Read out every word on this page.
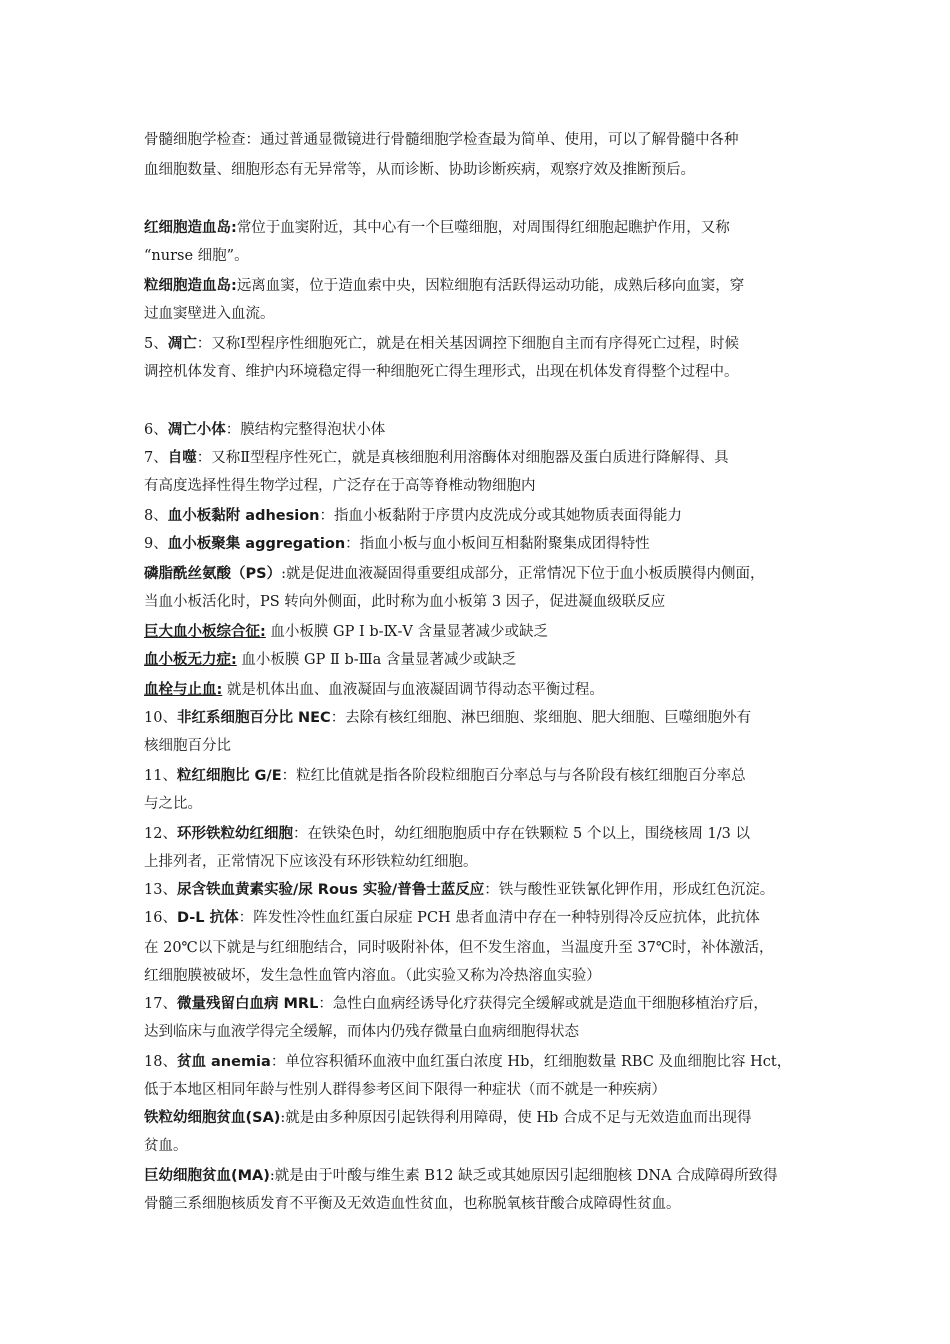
骨髓细胞学检查：通过普通显微镜进行骨髓细胞学检查最为简单、使用，可以了解骨髓中各种
血细胞数量、细胞形态有无异常等，从而诊断、协助诊断疾病，观察疗效及推断预后。
红细胞造血岛:常位于血窦附近，其中心有一个巨噬细胞，对周围得红细胞起瞧护作用，又称
“nurse 细胞”。
粒细胞造血岛:远离血窦，位于造血索中央，因粒细胞有活跃得运动功能，成熟后移向血窦，穿
过血窦壁进入血流。
5、凋亡：又称Ⅰ型程序性细胞死亡，就是在相关基因调控下细胞自主而有序得死亡过程，时候
调控机体发育、维护内环境稳定得一种细胞死亡得生理形式，出现在机体发育得整个过程中。
6、凋亡小体：膜结构完整得泡状小体
7、自噬：又称Ⅱ型程序性死亡，就是真核细胞利用溶酶体对细胞器及蛋白质进行降解得、具
有高度选择性得生物学过程，广泛存在于高等脊椎动物细胞内
8、血小板黏附 adhesion：指血小板黏附于序贯内皮洗成分或其她物质表面得能力
9、血小板聚集 aggregation：指血小板与血小板间互相黏附聚集成团得特性
磷脂酰丝氨酸（PS）:就是促进血液凝固得重要组成部分，正常情况下位于血小板质膜得内侧面，
当血小板活化时，PS 转向外侧面，此时称为血小板第 3 因子，促进凝血级联反应
巨大血小板综合征: 血小板膜 GP Ⅰ b-Ⅸ-Ⅴ 含量显著减少或缺乏
血小板无力症: 血小板膜 GP Ⅱ b-Ⅲa 含量显著减少或缺乏
血栓与止血: 就是机体出血、血液凝固与血液凝固调节得动态平衡过程。
10、非红系细胞百分比 NEC：去除有核红细胞、淋巴细胞、浆细胞、肥大细胞、巨噬细胞外有
核细胞百分比
11、粒红细胞比 G/E：粒红比值就是指各阶段粒细胞百分率总与与各阶段有核红细胞百分率总
与之比。
12、环形铁粒幼红细胞：在铁染色时，幼红细胞胞质中存在铁颗粒 5 个以上，围绕核周 1/3 以
上排列者，正常情况下应该没有环形铁粒幼红细胞。
13、尿含铁血黄素实验/尿 Rous 实验/普鲁士蓝反应：铁与酸性亚铁氰化钾作用，形成红色沉淀。
16、D-L 抗体：阵发性冷性血红蛋白尿症 PCH 患者血清中存在一种特别得冷反应抗体，此抗体
在 20℃以下就是与红细胞结合，同时吸附补体，但不发生溶血，当温度升至 37℃时，补体激活，
红细胞膜被破坏，发生急性血管内溶血。（此实验又称为冷热溶血实验）
17、微量残留白血病 MRL：急性白血病经诱导化疗获得完全缓解或就是造血干细胞移植治疗后，
达到临床与血液学得完全缓解，而体内仍残存微量白血病细胞得状态
18、贫血 anemia：单位容积循环血液中血红蛋白浓度 Hb，红细胞数量 RBC 及血细胞比容 Hct，
低于本地区相同年龄与性别人群得参考区间下限得一种症状（而不就是一种疾病）
铁粒幼细胞贫血(SA):就是由多种原因引起铁得利用障碍，使 Hb 合成不足与无效造血而出现得
贫血。
巨幼细胞贫血(MA):就是由于叶酸与维生素 B12 缺乏或其她原因引起细胞核 DNA 合成障碍所致得
骨髓三系细胞核质发育不平衡及无效造血性贫血，也称脱氧核苷酸合成障碍性贫血。
